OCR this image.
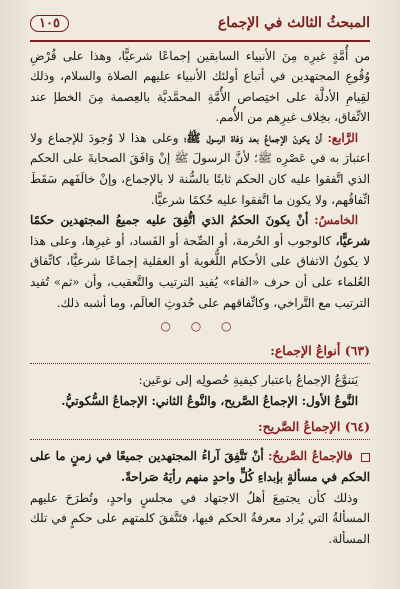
المبحثُ الثالث في الإجماع
١٠٥

من أُمَّةٍ غيرِه مِنَ الأنبياء السابقين إجماعًا شرعيًّا، وهذا على قُرْضِ وُقُوعِ المجتهدين في أتباع أولئك الأنبياء عليهم الصلاة والسلام، وذلك لقِيامِ الأدلَّة على اختِصاص الأُمَّةِ المحمَّديَّة بالعِصمة مِنَ الخطإ عند الاتِّفاق، بخِلاف غيرِهم من الأُمم.

الرَّابع: أنْ يكونَ الإجماعُ بعد وَفاة الرسول ﷺ؛ وعلى هذا لا وُجودَ للإجماع ولا اعتبارَ به في عَصْرِه ﷺ؛ لأنَّ الرسولَ ﷺ إنْ وَافَقَ الصحابةَ على الحكم الذي اتَّفقوا عليه كان الحكم ثابتًا بالسُّنة لا بالإجماع، وإنْ خالَفَهم سَقَطَ اتِّفاقُهم، ولا يكون ما اتَّفقوا عليه حُكمًا شرعيًّا.

الخامسُ: أنْ يكونَ الحكمُ الذي اتُّفِقَ عليه جميعُ المجتهدين حكمًا شرعيًّا، كالوجوب أو الحُرمة، أو الصِّحة أو الفَساد، أو غيرِها، وعلى هذا لا يكونُ الاتفاق على الأحكام اللُّغوية أو العقلية إجماعًا شرعيًّا، كاتِّفاق العُلماء على أن حرف «الفاء» يُفيد الترتيب والتَّعقيب، وأن «ثم» تُفيد الترتيب مع التَّراخي، وكاتِّفاقهم على حُدوثِ العالَم، وما أشبه ذلك.

○ ○ ○
(٦٣) أنواعُ الإجماع:

يَتنوَّعُ الإجماعُ باعتبار كيفيةِ حُصولِه إلى نوعَين:

النَّوعُ الأول: الإجماعُ الصَّريح، والنَّوعُ الثاني: الإجماعُ السُّكوتيُّ.

(٦٤) الإجماعُ الصَّريح:

فالإجماعُ الصَّريحُ: أنْ تَتَّفِقَ آراءُ المجتهدين جميعًا في زمنٍ ما على الحكم في مسألةٍ بإبداءِ كُلٍّ واحدٍ منهم رأيَهُ صَراحةً.

وذلك كأن يجتمِعَ أهلُ الاجتهاد في مجلسٍ واحدٍ، وتُطرَحَ عليهم المسألةُ التي يُراد معرفةُ الحكم فيها، فتَتَّفقَ كلمتهم على حكمٍ في تلك المسألة.
